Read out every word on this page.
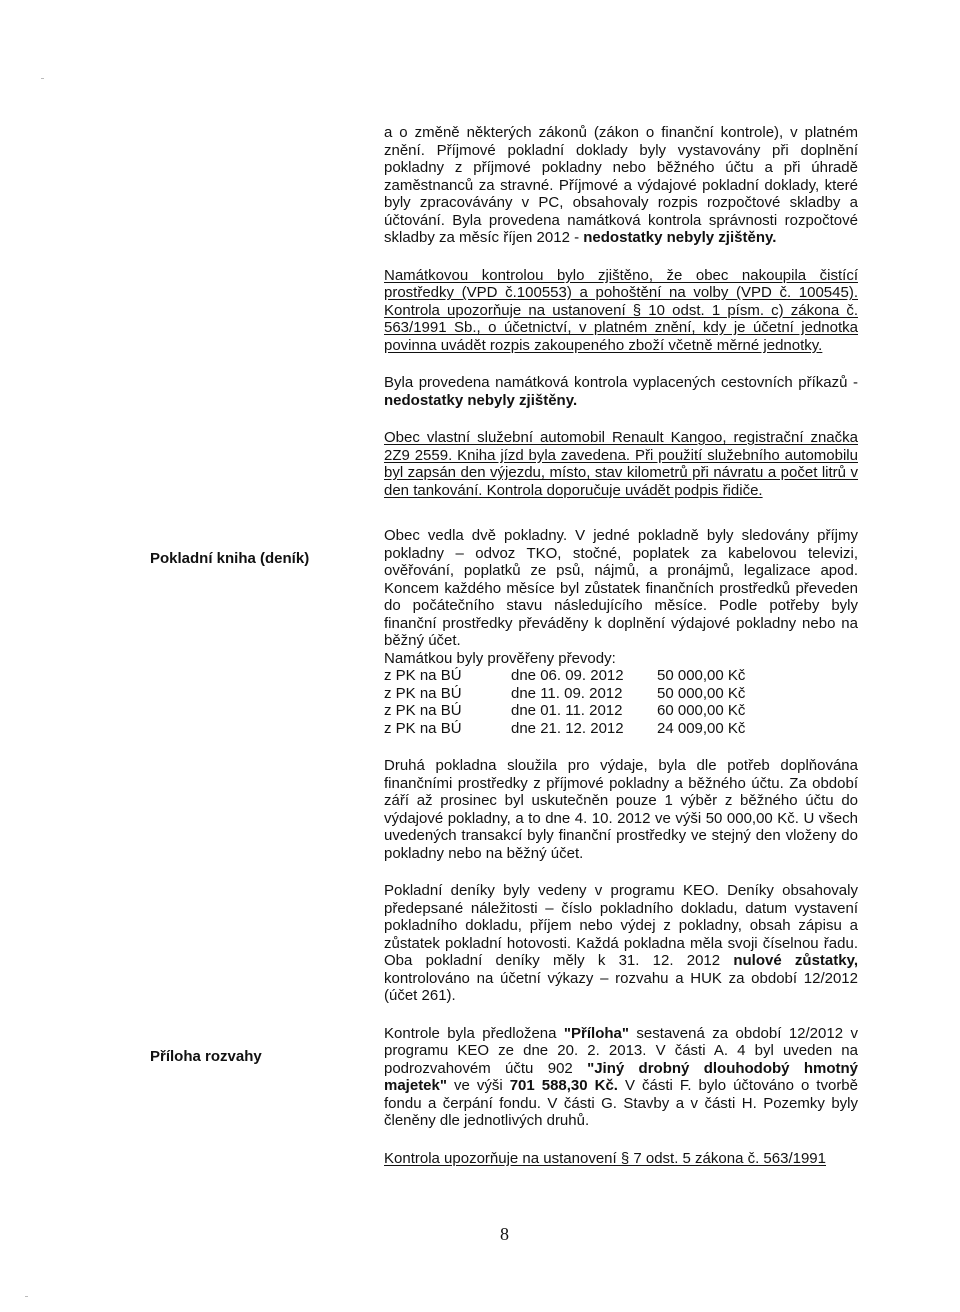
a o změně některých zákonů (zákon o finanční kontrole), v platném znění. Příjmové pokladní doklady byly vystavovány při doplnění pokladny z příjmové pokladny nebo běžného účtu a při úhradě zaměstnanců za stravné. Příjmové a výdajové pokladní doklady, které byly zpracovávány v PC, obsahovaly rozpis rozpočtové skladby a účtování. Byla provedena namátková kontrola správnosti rozpočtové skladby za měsíc říjen 2012 - nedostatky nebyly zjištěny.

Namátkovou kontrolou bylo zjištěno, že obec nakoupila čistící prostředky (VPD č.100553) a pohoštění na volby (VPD č. 100545). Kontrola upozorňuje na ustanovení § 10 odst. 1 písm. c) zákona č. 563/1991 Sb., o účetnictví, v platném znění, kdy je účetní jednotka povinna uvádět rozpis zakoupeného zboží včetně měrné jednotky.

Byla provedena namátková kontrola vyplacených cestovních příkazů - nedostatky nebyly zjištěny.

Obec vlastní služební automobil Renault Kangoo, registrační značka 2Z9 2559. Kniha jízd byla zavedena. Při použití služebního automobilu byl zapsán den výjezdu, místo, stav kilometrů při návratu a počet litrů v den tankování. Kontrola doporučuje uvádět podpis řidiče.

Obec vedla dvě pokladny. V jedné pokladně byly sledovány příjmy pokladny – odvoz TKO, stočné, poplatek za kabelovou televizi, ověřování, poplatků ze psů, nájmů, a pronájmů, legalizace apod. Koncem každého měsíce byl zůstatek finančních prostředků převeden do počátečního stavu následujícího měsíce. Podle potřeby byly finanční prostředky převáděny k doplnění výdajové pokladny nebo na běžný účet.

Namátkou byly prověřeny převody:

z PK na BÚ	dne 06. 09. 2012	50 000,00 Kč
z PK na BÚ	dne 11. 09. 2012	50 000,00 Kč
z PK na BÚ	dne 01. 11. 2012	60 000,00 Kč
z PK na BÚ	dne 21. 12. 2012	24 009,00 Kč

Druhá pokladna sloužila pro výdaje, byla dle potřeb doplňována finančními prostředky z příjmové pokladny a běžného účtu. Za období září až prosinec byl uskutečněn pouze 1 výběr z běžného účtu do výdajové pokladny, a to dne 4. 10. 2012 ve výši 50 000,00 Kč. U všech uvedených transakcí byly finanční prostředky ve stejný den vloženy do pokladny nebo na běžný účet.

Pokladní deníky byly vedeny v programu KEO. Deníky obsahovaly předepsané náležitosti – číslo pokladního dokladu, datum vystavení pokladního dokladu, příjem nebo výdej z pokladny, obsah zápisu a zůstatek pokladní hotovosti. Každá pokladna měla svoji číselnou řadu. Oba pokladní deníky měly k 31. 12. 2012 nulové zůstatky, kontrolováno na účetní výkazy – rozvahu a HUK za období 12/2012 (účet 261).

Kontrole byla předložena "Příloha" sestavená za období 12/2012 v programu KEO ze dne 20. 2. 2013. V části A. 4 byl uveden na podrozvahovém účtu 902 "Jiný drobný dlouhodobý hmotný majetek" ve výši 701 588,30 Kč. V části F. bylo účtováno o tvorbě fondu a čerpání fondu. V části G. Stavby a v části H. Pozemky byly členěny dle jednotlivých druhů.

Kontrola upozorňuje na ustanovení § 7 odst. 5 zákona č. 563/1991

Pokladní kniha (deník)
Příloha rozvahy
8
